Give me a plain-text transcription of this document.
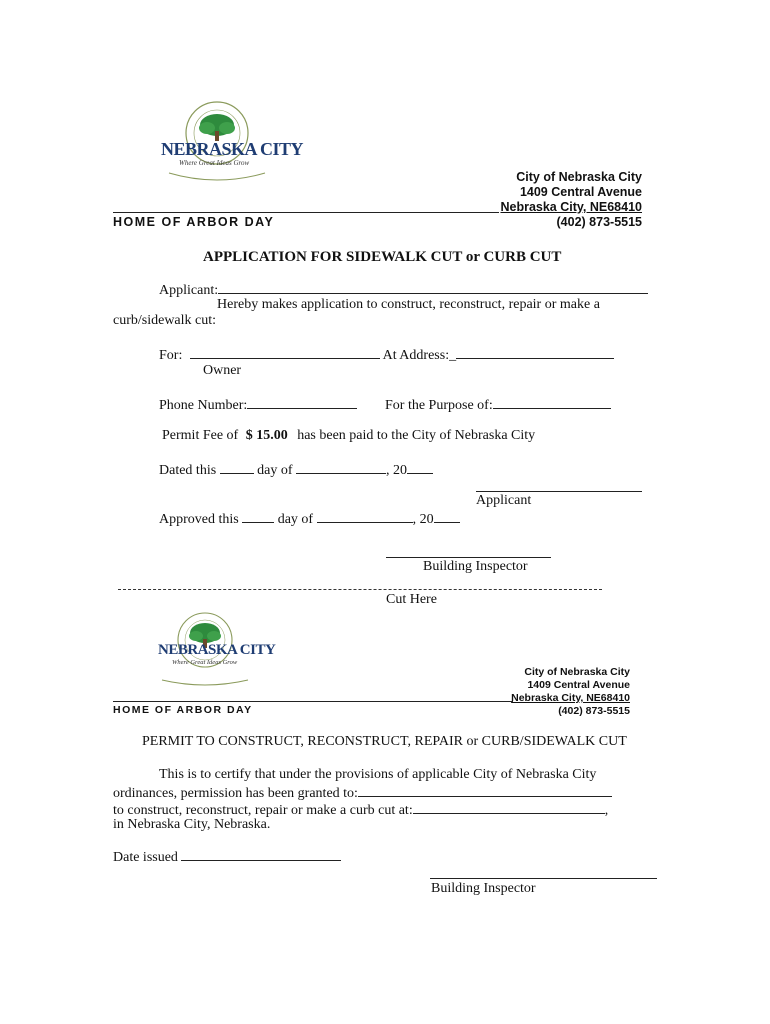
NEBRASKA CITY
Where Great Ideas Grow
City of Nebraska City
1409 Central Avenue
Nebraska City, NE68410
(402) 873-5515
HOME OF ARBOR DAY
APPLICATION FOR SIDEWALK CUT or CURB CUT
Applicant:
Hereby makes application to construct, reconstruct, repair or make a
curb/sidewalk cut:
For:	At Address:_
Owner
Phone Number:	For the Purpose of:
Permit Fee of $ 15.00 has been paid to the City of Nebraska City
Dated this	day of	, 20
Applicant
Approved this	day of	, 20
Building Inspector
Cut Here
NEBRASKA CITY
Where Great Ideas Grow
City of Nebraska City
1409 Central Avenue
Nebraska City, NE68410
(402) 873-5515
HOME OF ARBOR DAY
PERMIT TO CONSTRUCT, RECONSTRUCT, REPAIR or CURB/SIDEWALK CUT
This is to certify that under the provisions of applicable City of Nebraska City
ordinances, permission has been granted to:
to construct, reconstruct, repair or make a curb cut at:	,
in Nebraska City, Nebraska.
Date issued
Building Inspector
